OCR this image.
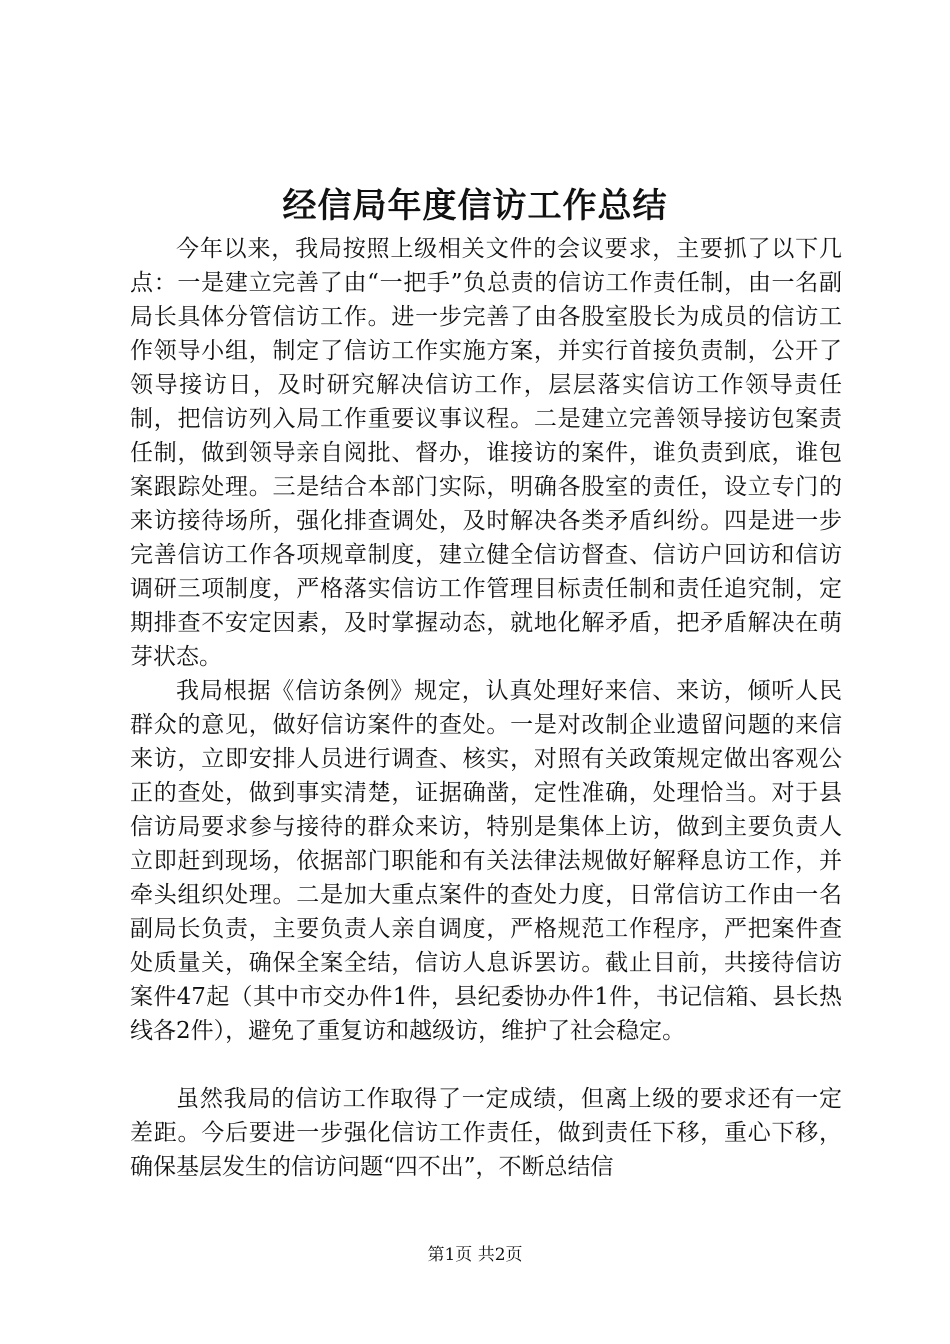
经信局年度信访工作总结

今年以来，我局按照上级相关文件的会议要求，主要抓了以下几点：一是建立完善了由“一把手”负总责的信访工作责任制，由一名副局长具体分管信访工作。进一步完善了由各股室股长为成员的信访工作领导小组，制定了信访工作实施方案，并实行首接负责制，公开了领导接访日，及时研究解决信访工作，层层落实信访工作领导责任制，把信访列入局工作重要议事议程。二是建立完善领导接访包案责任制，做到领导亲自阅批、督办，谁接访的案件，谁负责到底，谁包案跟踪处理。三是结合本部门实际，明确各股室的责任，设立专门的来访接待场所，强化排查调处，及时解决各类矛盾纠纷。四是进一步完善信访工作各项规章制度，建立健全信访督查、信访户回访和信访调研三项制度，严格落实信访工作管理目标责任制和责任追究制，定期排查不安定因素，及时掌握动态，就地化解矛盾，把矛盾解决在萌芽状态。

我局根据《信访条例》规定，认真处理好来信、来访，倾听人民群众的意见，做好信访案件的查处。一是对改制企业遗留问题的来信来访，立即安排人员进行调查、核实，对照有关政策规定做出客观公正的查处，做到事实清楚，证据确凿，定性准确，处理恰当。对于县信访局要求参与接待的群众来访，特别是集体上访，做到主要负责人立即赶到现场，依据部门职能和有关法律法规做好解释息访工作，并牵头组织处理。二是加大重点案件的查处力度，日常信访工作由一名副局长负责，主要负责人亲自调度，严格规范工作程序，严把案件查处质量关，确保全案全结，信访人息诉罢访。截止目前，共接待信访案件47起（其中市交办件1件，县纪委协办件1件，书记信箱、县长热线各2件），避免了重复访和越级访，维护了社会稳定。

虽然我局的信访工作取得了一定成绩，但离上级的要求还有一定差距。今后要进一步强化信访工作责任，做到责任下移，重心下移，确保基层发生的信访问题“四不出”，不断总结信

第1页 共2页
